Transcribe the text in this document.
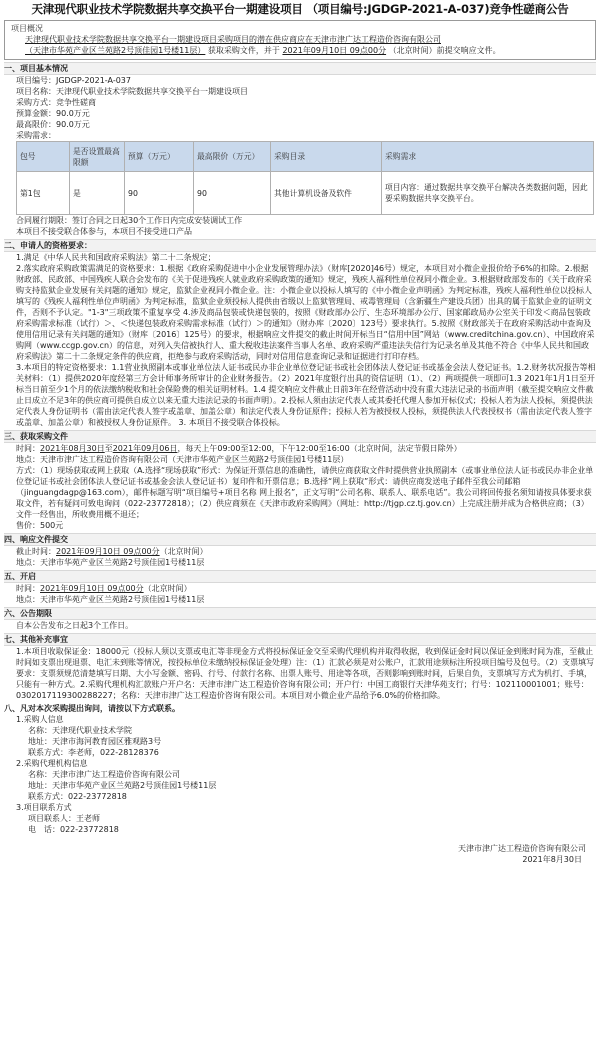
天津现代职业技术学院数据共享交换平台一期建设项目 （项目编号:JGDGP-2021-A-037)竞争性磋商公告
项目概况
天津现代职业技术学院数据共享交换平台一期建设项目采购项目的潜在供应商应在天津市津广达工程造价咨询有限公司
（天津市华苑产业区兰苑路2号顶佳园1号楼11层） 获取采购文件，并于 2021年09月10日 09点00分 （北京时间）前提交响应文件。
一、项目基本情况
项目编号：JGDGP-2021-A-037
项目名称：天津现代职业技术学院数据共享交换平台一期建设项目
采购方式：竞争性磋商
预算金额：90.0万元
最高限价：90.0万元
采购需求：
包号	是否设置最高限额	预算（万元）	最高限价（万元）	采购目录	采购需求
第1包	是	90	90	其他计算机设备及软件	项目内容：通过数据共享交换平台解决各类数据问题，因此要采购数据共享交换平台。
合同履行期限：签订合同之日起30个工作日内完成安装调试工作
本项目不接受联合体参与，本项目不接受进口产品
二、申请人的资格要求：
1.满足《中华人民共和国政府采购法》第二十二条规定；
2.落实政府采购政策需满足的资格要求：1.根据《政府采购促进中小企业发展管理办法》（财库[2020]46号）规定，本项目对小微企业报价给予6%的扣除。2.根据财政部、民政部、中国残疾人联合会发布的《关于促进残疾人就业政府采购政策的通知》规定，残疾人福利性单位视同小微企业。3.根据财政部发布的《关于政府采购支持监狱企业发展有关问题的通知》规定，监狱企业视同小微企业。注：小微企业以投标人填写的《中小微企业声明函》为判定标准，残疾人福利性单位以投标人填写的《残疾人福利性单位声明函》为判定标准，监狱企业须投标人提供由省级以上监狱管理局、戒毒管理局（含新疆生产建设兵团）出具的属于监狱企业的证明文件，否则不予认定。"1-3"三项政策不重复享受 4.涉及商品包装或快递包装的，按照《财政部办公厅、生态环境部办公厅、国家邮政局办公室关于印发＜商品包装政府采购需求标准（试行）＞、＜快递包装政府采购需求标准（试行）＞的通知》（财办库〔2020〕123号）要求执行。5.按照《财政部关于在政府采购活动中查询及使用信用记录有关问题的通知》（财库〔2016〕125号）的要求，根据响应文件提交的截止时间开标当日“信用中国”网站（www.creditchina.gov.cn）、中国政府采购网（www.ccgp.gov.cn）的信息，对列入失信被执行人、重大税收违法案件当事人名单、政府采购严重违法失信行为记录名单及其他不符合《中华人民共和国政府采购法》第二十二条规定条件的供应商，拒绝参与政府采购活动，同时对信用信息查询记录和证据进行打印存档。
3.本项目的特定资格要求：1.1营业执照副本或事业单位法人证书或民办非企业单位登记证书或社会团体法人登记证书或基金会法人登记证书。1.2.财务状况报告等相关材料：（1）提供2020年度经第三方会计师事务所审计的企业财务报告。（2）2021年度银行出具的资信证明（1）、（2）两项提供一项即可1.3 2021年1月1日至开标当日前至少1个月的依法缴纳税收和社会保险费的相关证明材料。1.4 提交响应文件截止日前3年在经营活动中没有重大违法记录的书面声明（截至提交响应文件截止日成立不足3年的供应商可提供自成立以来无重大违法记录的书面声明）。2.投标人须由法定代表人或其委托代理人参加开标仪式；投标人若为法人投标，须提供法定代表人身份证明书（需由法定代表人签字或盖章、加盖公章）和法定代表人身份证原件；投标人若为被授权人投标，须提供法人代表授权书（需由法定代表人签字或盖章、加盖公章）和被授权人身份证原件。 3. 本项目不接受联合体投标。
三、获取采购文件
时间：2021年08月30日至2021年09月06日，每天上午09:00至12:00，下午12:00至16:00（北京时间，法定节假日除外）
地点：天津市津广达工程造价咨询有限公司（天津市华苑产业区兰苑路2号顶佳园1号楼11层）
方式：（1）现场获取或网上获取（A.选择“现场获取”形式：为保证开票信息的准确性，请供应商获取文件时提供营业执照副本（或事业单位法人证书或民办非企业单位登记证书或社会团体法人登记证书或基金会法人登记证书）复印件和开票信息；B.选择“网上获取”形式：请供应商发送电子邮件至我公司邮箱（jinguangdagp@163.com），邮件标题写明“项目编号+项目名称 网上报名”，正文写明“公司名称、联系人、联系电话”。我公司将回传报名须知请按具体要求获取文件，若有疑问可致电询问（022-23772818）；（2）供应商须在《天津市政府采购网》（网址：http://tjgp.cz.tj.gov.cn）上完成注册并成为合格供应商；（3）文件一经售出，所收费用概不退还；
售价：500元
四、响应文件提交
截止时间：2021年09月10日 09点00分（北京时间）
地点：天津市华苑产业区兰苑路2号顶佳园1号楼11层
五、开启
时间：2021年09月10日 09点00分（北京时间）
地点：天津市华苑产业区兰苑路2号顶佳园1号楼11层
六、公告期限
自本公告发布之日起3个工作日。
七、其他补充事宜
1.本项目收取保证金：18000元（投标人须以支票或电汇等非现金方式将投标保证金交至采购代理机构并取得收据，收到保证金时间以保证金到账时间为准，至截止时间如支票出现退票、电汇未到账等情况，按投标单位未缴纳投标保证金处理）注：（1）汇款必须是对公账户，汇款用途须标注所投项目编号及包号。（2）支票填写要求：支票须规范清楚填写日期、大小写金额、密码、行号、付款行名称、出票人账号、用途等各项，否则影响到账时间，后果自负，支票填写方式为机打、手填，只能有一种方式。2.采购代理机构汇款账户开户名：天津市津广达工程造价咨询有限公司；开户行：中国工商银行天津华苑支行；行号：102110001001；账号：0302017119300288227；名称：天津市津广达工程造价咨询有限公司。本项目对小微企业产品给予6.0%的价格扣除。
八、凡对本次采购提出询问，请按以下方式联系。
1.采购人信息
名称：天津现代职业技术学院
地址：天津市海河教育园区雅观路3号
联系方式：李老师，022-28128376
2.采购代理机构信息
名称：天津市津广达工程造价咨询有限公司
地址：天津市华苑产业区兰苑路2号顶佳园1号楼11层
联系方式：022-23772818
3.项目联系方式
项目联系人：王老师
电　话：022-23772818
天津市津广达工程造价咨询有限公司
2021年8月30日
